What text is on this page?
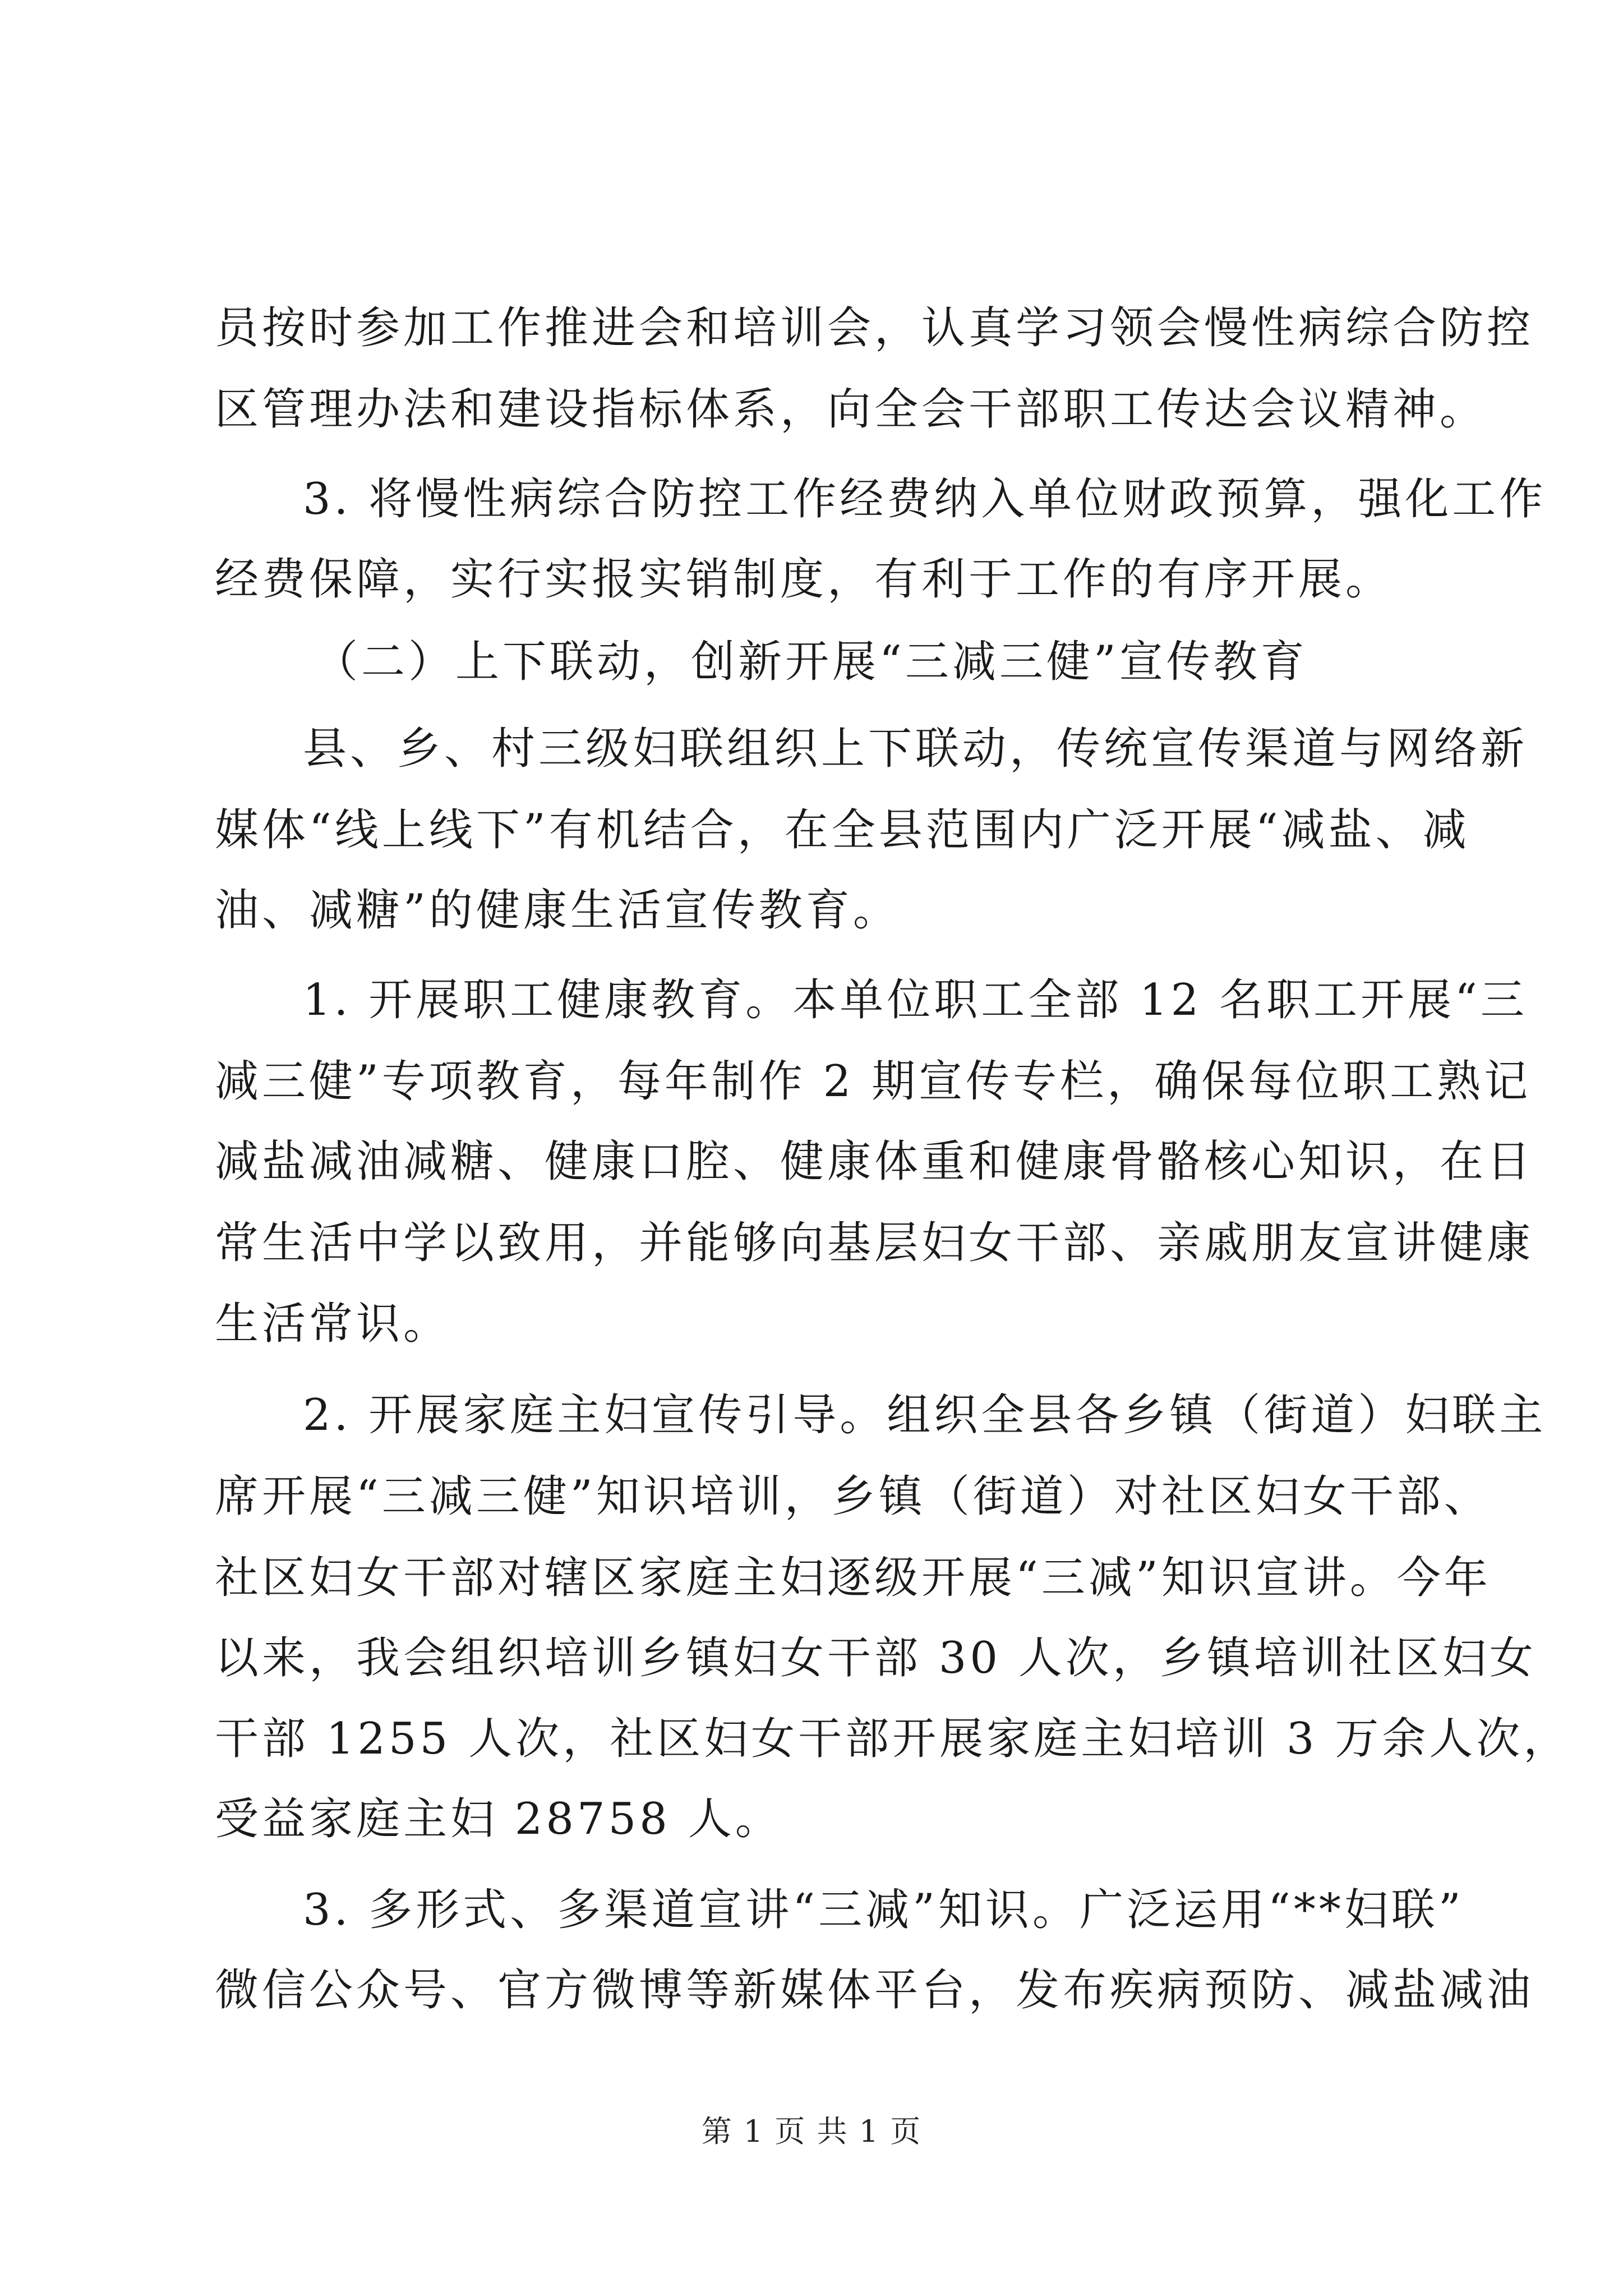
员按时参加工作推进会和培训会，认真学习领会慢性病综合防控
区管理办法和建设指标体系，向全会干部职工传达会议精神。
3. 将慢性病综合防控工作经费纳入单位财政预算，强化工作
经费保障，实行实报实销制度，有利于工作的有序开展。
（二）上下联动，创新开展“三减三健”宣传教育
县、乡、村三级妇联组织上下联动，传统宣传渠道与网络新
媒体“线上线下”有机结合，在全县范围内广泛开展“减盐、减
油、减糖”的健康生活宣传教育。
1. 开展职工健康教育。本单位职工全部 12 名职工开展“三
减三健”专项教育，每年制作 2 期宣传专栏，确保每位职工熟记
减盐减油减糖、健康口腔、健康体重和健康骨骼核心知识，在日
常生活中学以致用，并能够向基层妇女干部、亲戚朋友宣讲健康
生活常识。
2. 开展家庭主妇宣传引导。组织全县各乡镇（街道）妇联主
席开展“三减三健”知识培训，乡镇（街道）对社区妇女干部、
社区妇女干部对辖区家庭主妇逐级开展“三减”知识宣讲。今年
以来，我会组织培训乡镇妇女干部 30 人次，乡镇培训社区妇女
干部 1255 人次，社区妇女干部开展家庭主妇培训 3 万余人次，
受益家庭主妇 28758 人。
3. 多形式、多渠道宣讲“三减”知识。广泛运用“**妇联”
微信公众号、官方微博等新媒体平台，发布疾病预防、减盐减油
第 1 页 共 1 页
